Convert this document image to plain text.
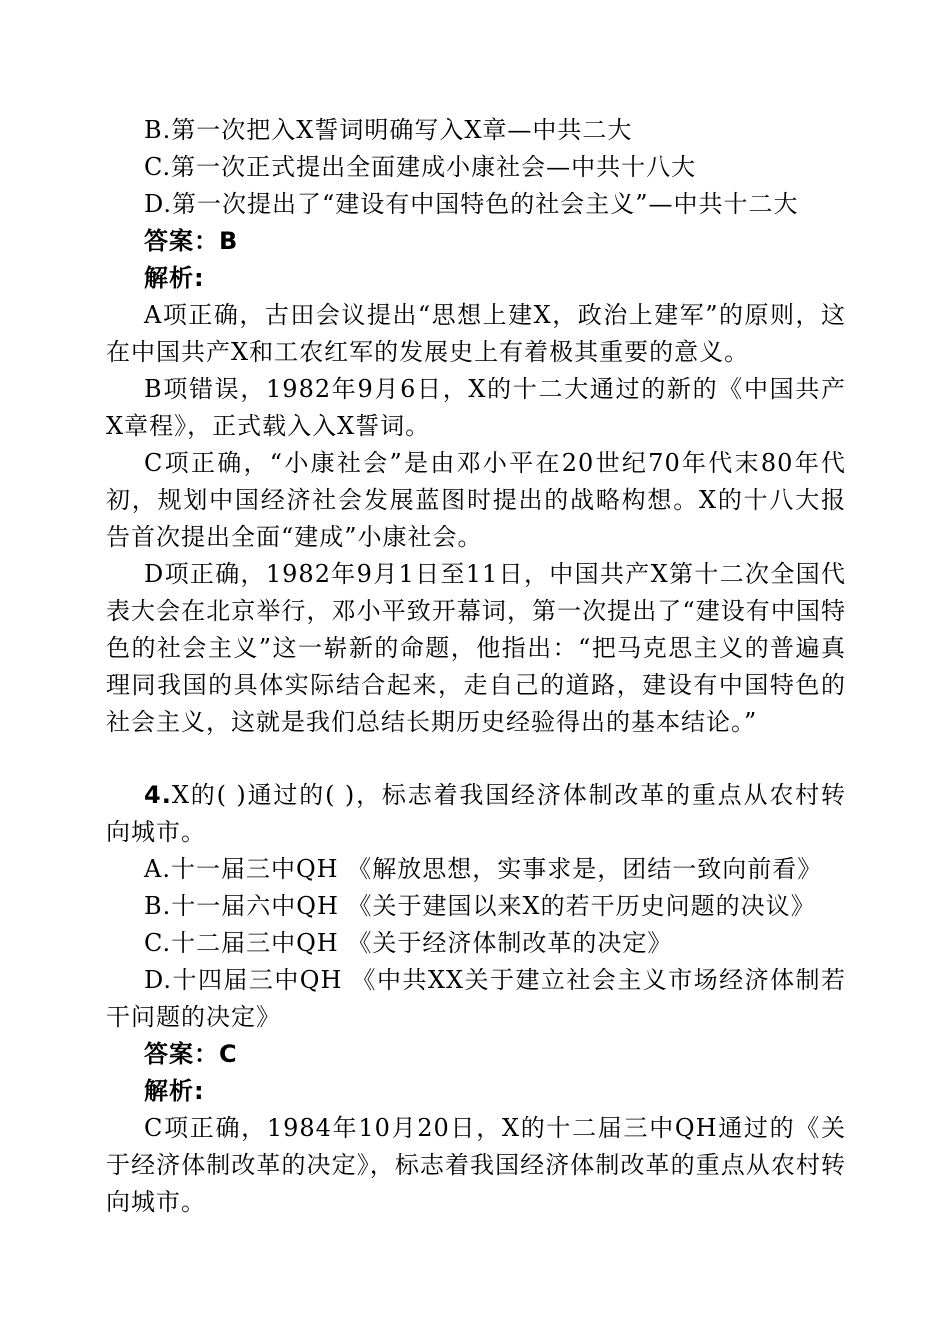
B.第一次把入X誓词明确写入X章—中共二大
C.第一次正式提出全面建成小康社会—中共十八大
D.第一次提出了“建设有中国特色的社会主义”—中共十二大
答案：B
解析:

A项正确，古田会议提出“思想上建X，政治上建军”的原则，这在中国共产X和工农红军的发展史上有着极其重要的意义。

B项错误，1982年9月6日，X的十二大通过的新的《中国共产X章程》，正式载入入X誓词。

C项正确，“小康社会”是由邓小平在20世纪70年代末80年代初，规划中国经济社会发展蓝图时提出的战略构想。X的十八大报告首次提出全面“建成”小康社会。

D项正确，1982年9月1日至11日，中国共产X第十二次全国代表大会在北京举行，邓小平致开幕词，第一次提出了“建设有中国特色的社会主义”这一崭新的命题，他指出：“把马克思主义的普遍真理同我国的具体实际结合起来，走自己的道路，建设有中国特色的社会主义，这就是我们总结长期历史经验得出的基本结论。”

4.X的( )通过的( )，标志着我国经济体制改革的重点从农村转向城市。

A.十一届三中QH 《解放思想，实事求是，团结一致向前看》
B.十一届六中QH 《关于建国以来X的若干历史问题的决议》
C.十二届三中QH 《关于经济体制改革的决定》

D.十四届三中QH 《中共XX关于建立社会主义市场经济体制若干问题的决定》

答案：C
解析:

C项正确，1984年10月20日，X的十二届三中QH通过的《关于经济体制改革的决定》，标志着我国经济体制改革的重点从农村转向城市。
